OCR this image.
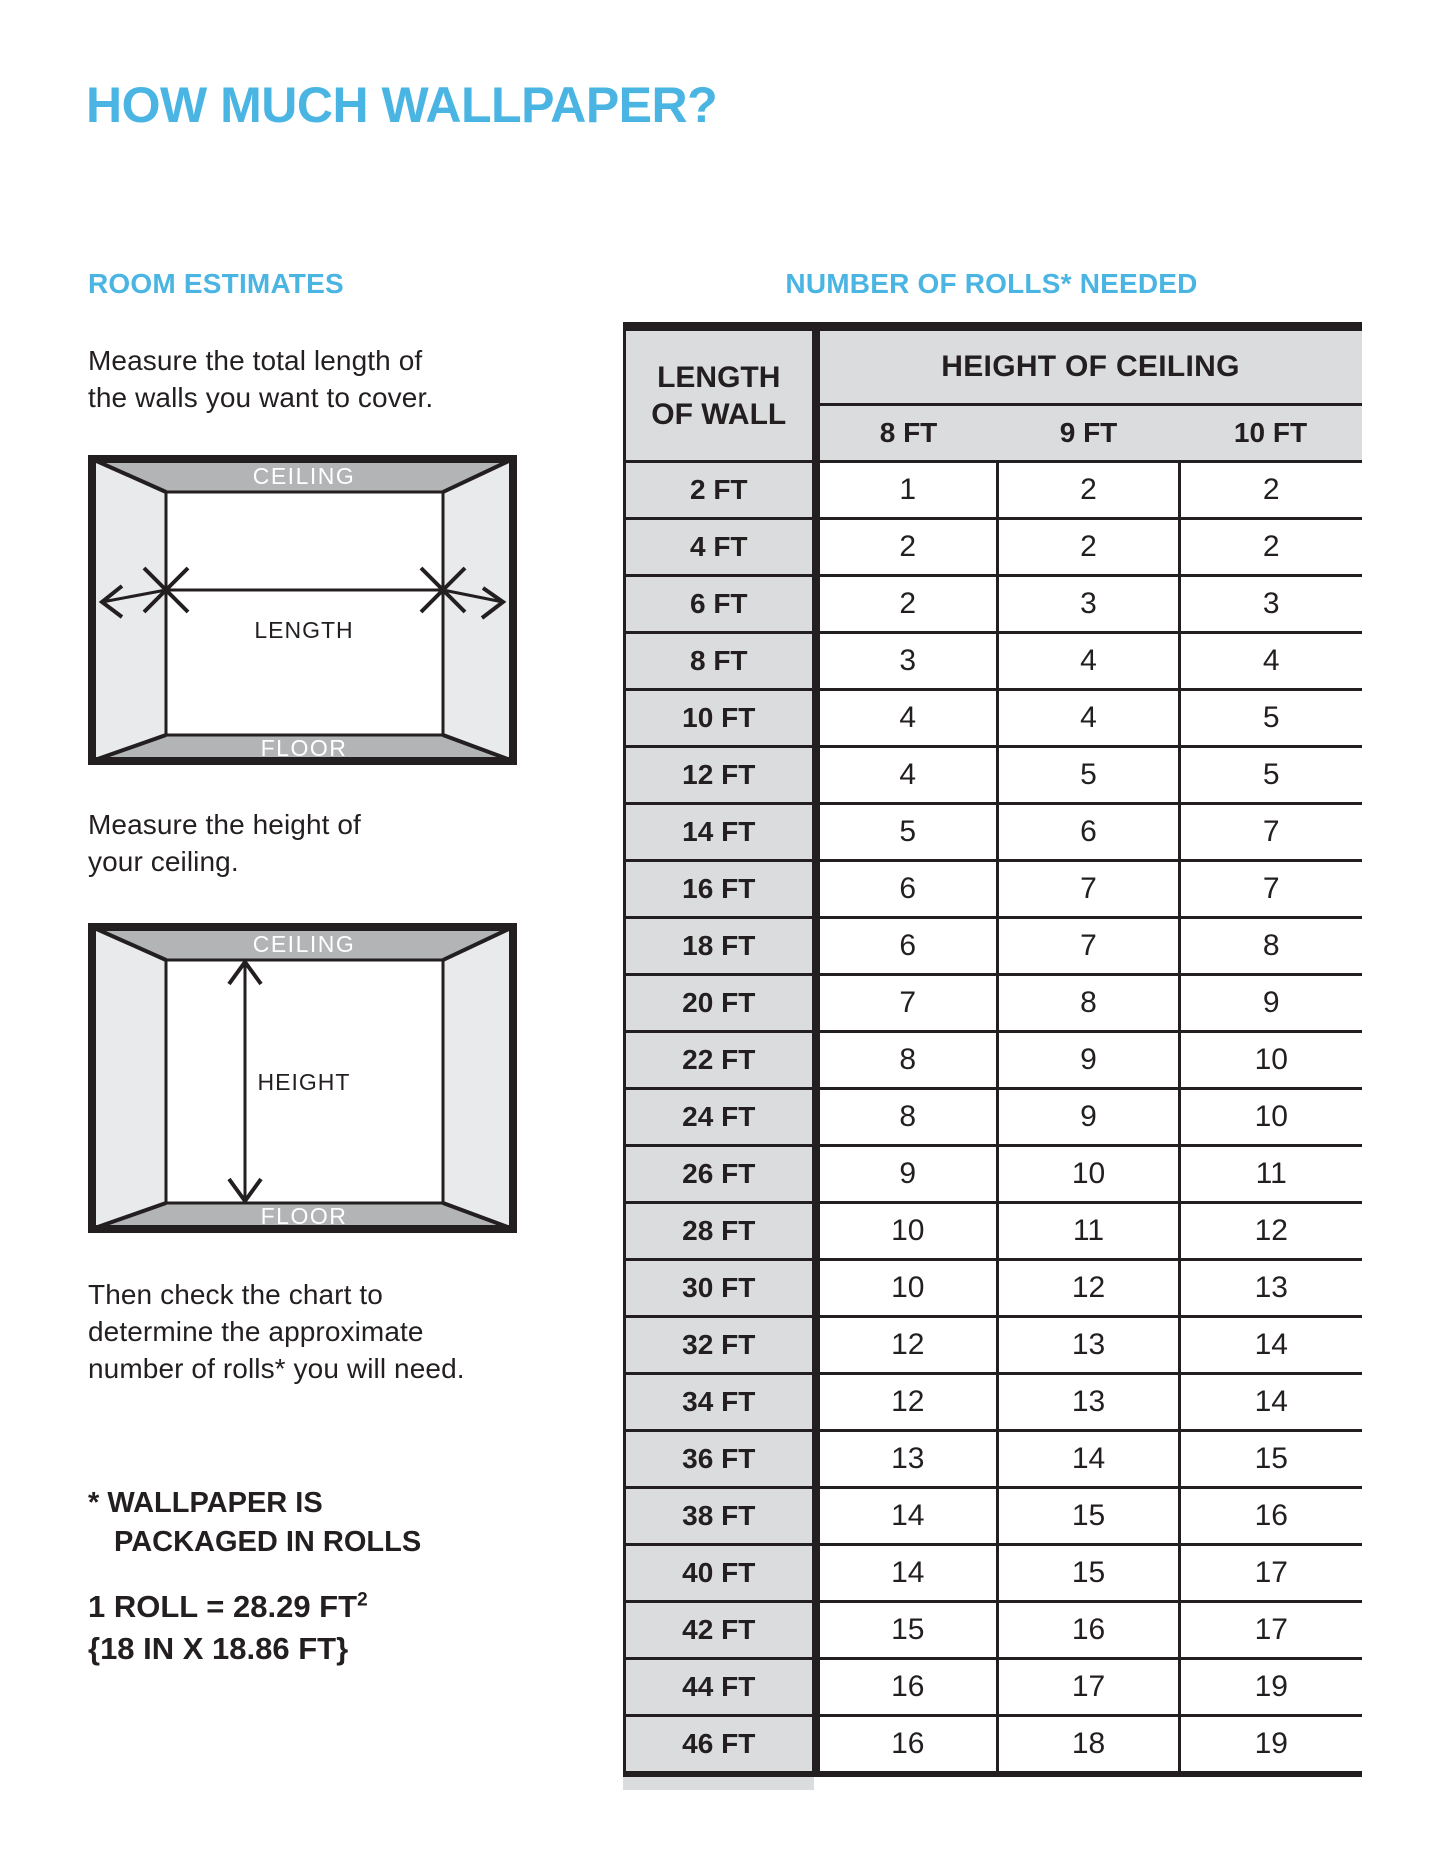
HOW MUCH WALLPAPER?
ROOM ESTIMATES	NUMBER OF ROLLS* NEEDED
Measure the total length of
the walls you want to cover.
CEILING
FLOOR
LENGTH
Measure the height of
your ceiling.
CEILING
FLOOR
HEIGHT
Then check the chart to
determine the approximate
number of rolls* you will need.
* WALLPAPER IS
PACKAGED IN ROLLS
1 ROLL = 28.29 $FT^2$
{18 IN X 18.86 FT}
LENGTH
OF WALL	HEIGHT OF CEILING		
	8 FT	9 FT	10 FT
2 FT	1	2	2
4 FT	2	2	2
6 FT	2	3	3
8 FT	3	4	4
10 FT	4	4	5
12 FT	4	5	5
14 FT	5	6	7
16 FT	6	7	7
18 FT	6	7	8
20 FT	7	8	9
22 FT	8	9	10
24 FT	8	9	10
26 FT	9	10	11
28 FT	10	11	12
30 FT	10	12	13
32 FT	12	13	14
34 FT	12	13	14
36 FT	13	14	15
38 FT	14	15	16
40 FT	14	15	17
42 FT	15	16	17
44 FT	16	17	19
46 FT	16	18	19
